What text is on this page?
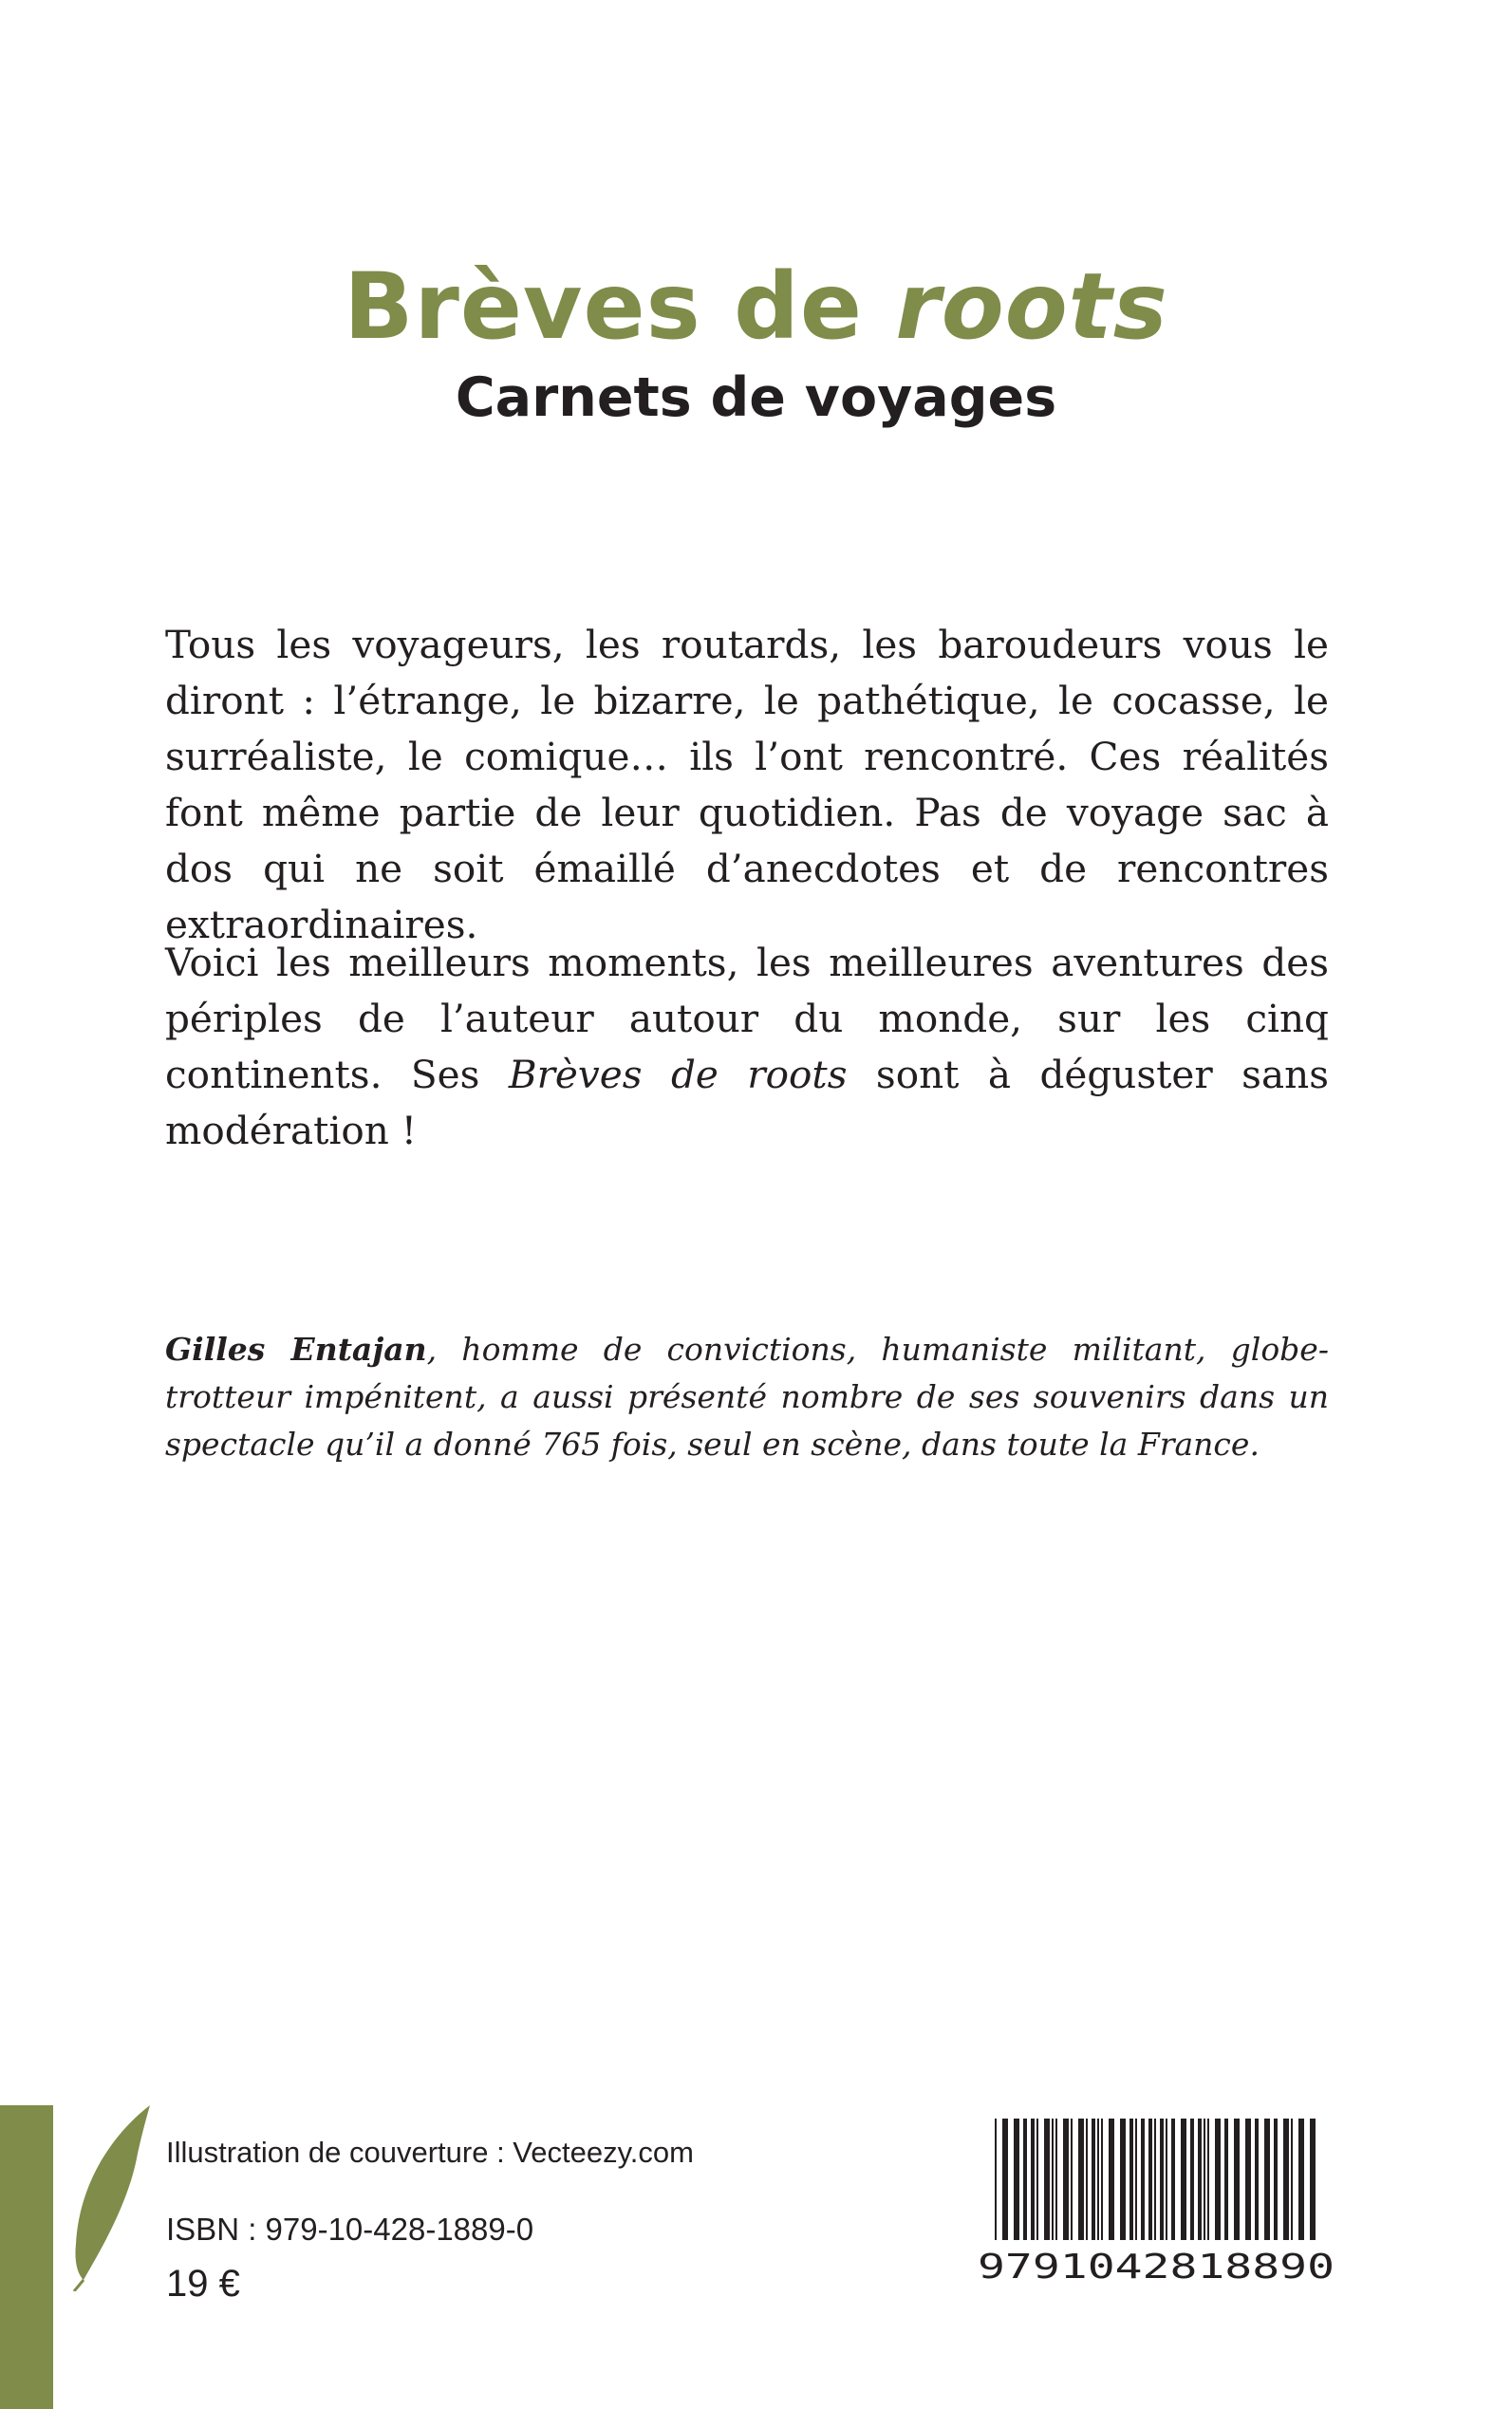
Brèves de roots
Carnets de voyages
Tous les voyageurs, les routards, les baroudeurs vous le diront : l’étrange, le bizarre, le pathétique, le cocasse, le surréaliste, le comique… ils l’ont rencontré. Ces réalités font même partie de leur quotidien. Pas de voyage sac à dos qui ne soit émaillé d’anecdotes et de rencontres extraordinaires.
Voici les meilleurs moments, les meilleures aventures des périples de l’auteur autour du monde, sur les cinq continents. Ses Brèves de roots sont à déguster sans modération !
Gilles Entajan, homme de convictions, humaniste militant, globe-trotteur impénitent, a aussi présenté nombre de ses souvenirs dans un spectacle qu’il a donné 765 fois, seul en scène, dans toute la France.
Illustration de couverture : Vecteezy.com
ISBN : 979-10-428-1889-0
19 €	9791042818890
